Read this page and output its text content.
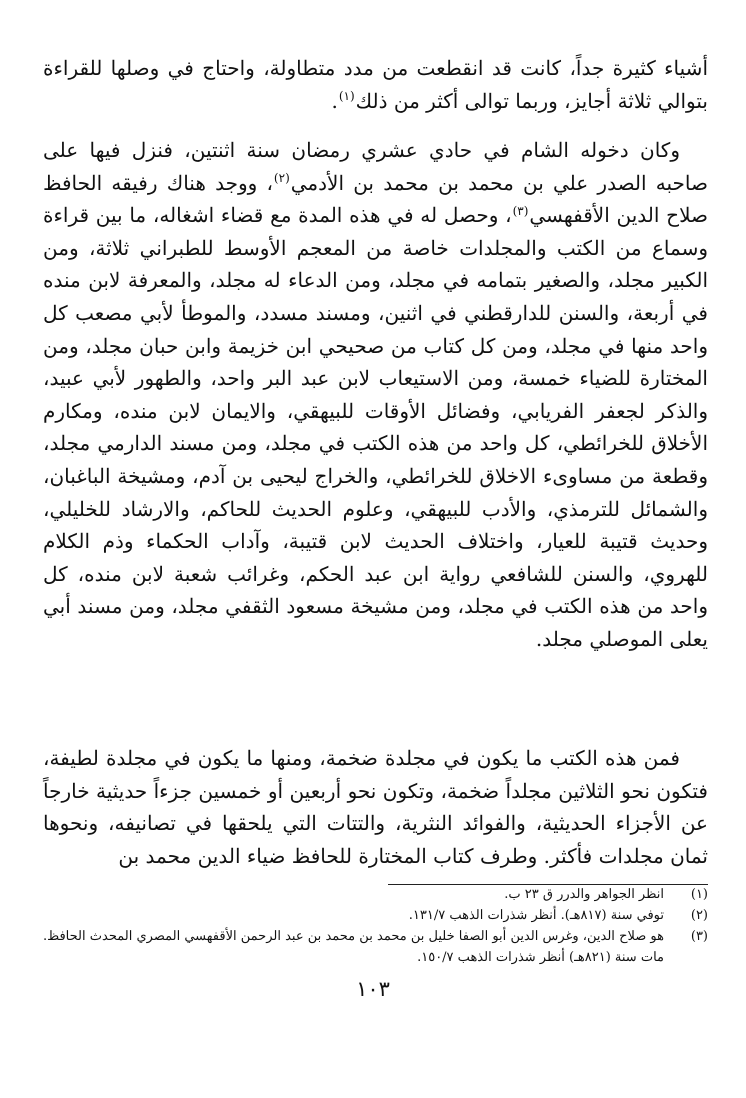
أشياء كثيرة جداً، كانت قد انقطعت من مدد متطاولة، واحتاج في وصلها للقراءة بتوالي ثلاثة أجايز، وربما توالى أكثر من ذلك$^{(١)}$.

وكان دخوله الشام في حادي عشري رمضان سنة اثنتين، فنزل فيها على صاحبه الصدر علي بن محمد بن محمد بن الأدمي$^{(٢)}$، ووجد هناك رفيقه الحافظ صلاح الدين الأقفهسي$^{(٣)}$، وحصل له في هذه المدة مع قضاء اشغاله، ما بين قراءة وسماع من الكتب والمجلدات خاصة من المعجم الأوسط للطبراني ثلاثة، ومن الكبير مجلد، والصغير بتمامه في مجلد، ومن الدعاء له مجلد، والمعرفة لابن منده في أربعة، والسنن للدارقطني في اثنين، ومسند مسدد، والموطأ لأبي مصعب كل واحد منها في مجلد، ومن كل كتاب من صحيحي ابن خزيمة وابن حبان مجلد، ومن المختارة للضياء خمسة، ومن الاستيعاب لابن عبد البر واحد، والطهور لأبي عبيد، والذكر لجعفر الفريابي، وفضائل الأوقات للبيهقي، والايمان لابن منده، ومكارم الأخلاق للخرائطي، كل واحد من هذه الكتب في مجلد، ومن مسند الدارمي مجلد، وقطعة من مساوىء الاخلاق للخرائطي، والخراج ليحيى بن آدم، ومشيخة الباغبان، والشمائل للترمذي، والأدب للبيهقي، وعلوم الحديث للحاكم، والارشاد للخليلي، وحديث قتيبة للعيار، واختلاف الحديث لابن قتيبة، وآداب الحكماء وذم الكلام للهروي، والسنن للشافعي رواية ابن عبد الحكم، وغرائب شعبة لابن منده، كل واحد من هذه الكتب في مجلد، ومن مشيخة مسعود الثقفي مجلد، ومن مسند أبي يعلى الموصلي مجلد.

فمن هذه الكتب ما يكون في مجلدة ضخمة، ومنها ما يكون في مجلدة لطيفة، فتكون نحو الثلاثين مجلداً ضخمة، وتكون نحو أربعين أو خمسين جزءاً حديثية خارجاً عن الأجزاء الحديثية، والفوائد النثرية، والتتات التي يلحقها في تصانيفه، ونحوها ثمان مجلدات فأكثر. وطرف كتاب المختارة للحافظ ضياء الدين محمد بن

(١)
انظر الجواهر والدرر ق ٢٣ ب.
(٢)
توفي سنة (٨١٧هـ). أنظر شذرات الذهب ١٣١/٧.
(٣)
هو صلاح الدين، وغرس الدين أبو الصفا خليل بن محمد بن محمد بن عبد الرحمن الأقفهسي المصري المحدث الحافظ. مات سنة (٨٢١هـ) أنظر شذرات الذهب ١٥٠/٧.
١٠٣
